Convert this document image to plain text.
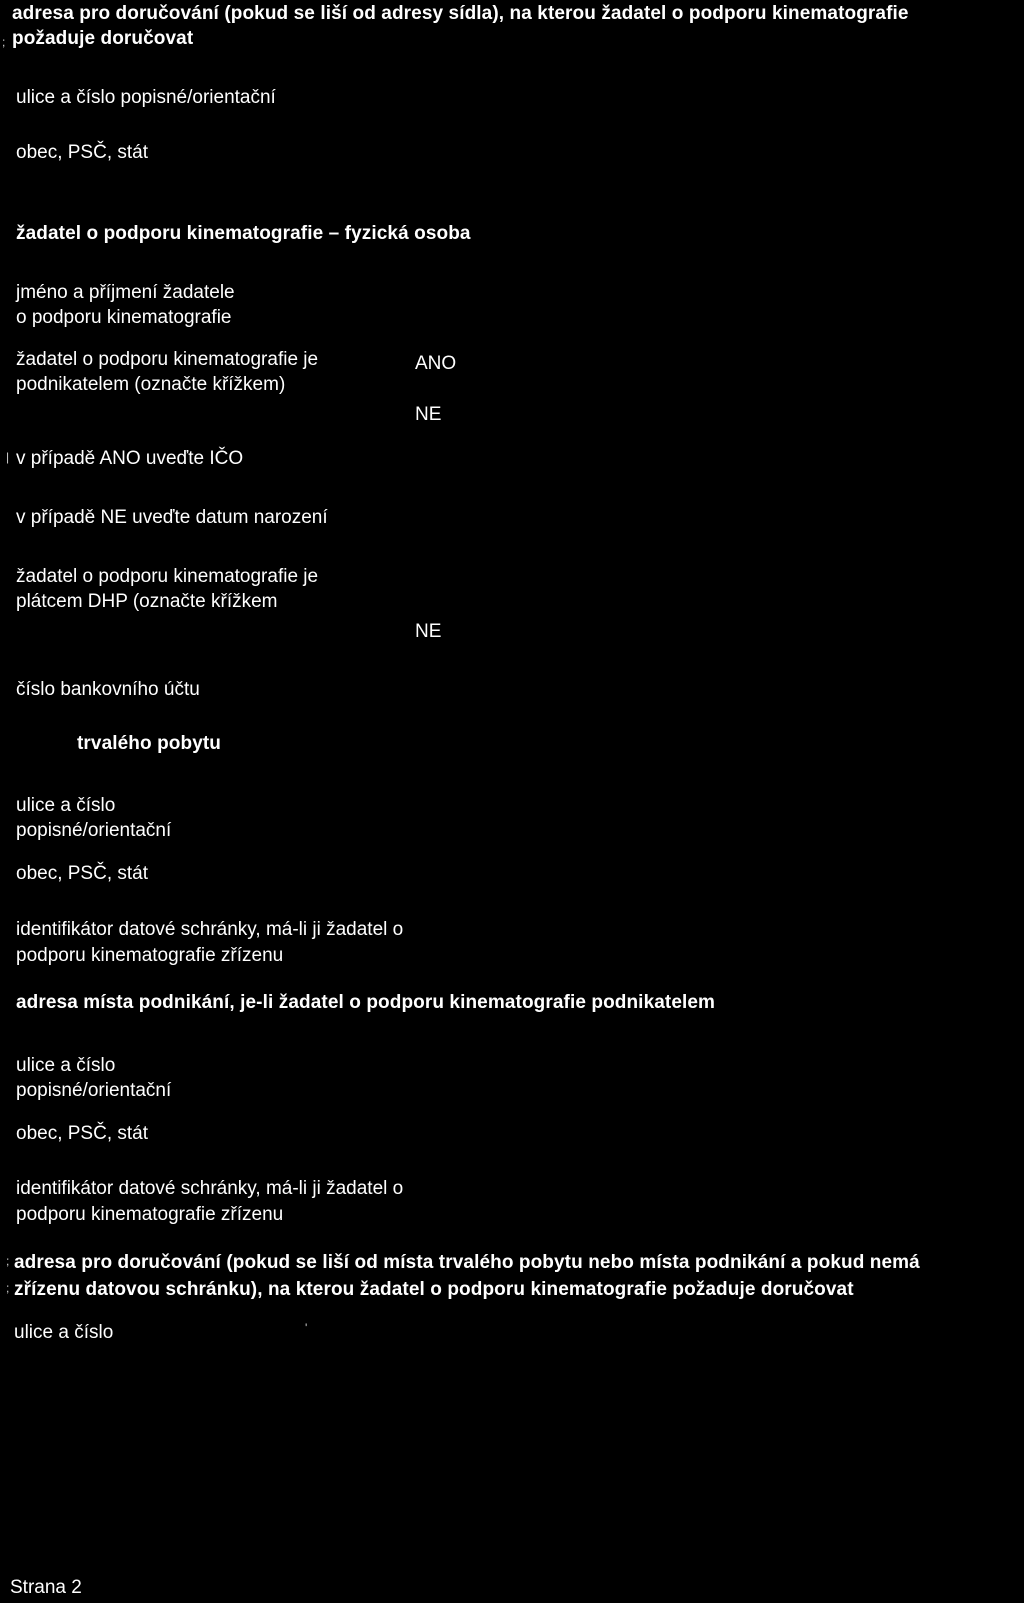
adresa pro doručování (pokud se liší od adresy sídla), na kterou žadatel o podporu kinematografie
požaduje doručovat
;
ulice a číslo popisné/orientační
obec, PSČ, stát
žadatel o podporu kinematografie – fyzická osoba
jméno a příjmení žadatele
o podporu kinematografie
žadatel o podporu kinematografie je
podnikatelem (označte křížkem)
ANO
NE
| v případě ANO uveďte IČO
v případě NE uveďte datum narození
žadatel o podporu kinematografie je
plátcem DHP (označte křížkem
NE
číslo bankovního účtu
trvalého pobytu
ulice a číslo
popisné/orientační
obec, PSČ, stát
identifikátor datové schránky, má-li ji žadatel o
podporu kinematografie zřízenu
adresa místa podnikání, je-li žadatel o podporu kinematografie podnikatelem
ulice a číslo
popisné/orientační
obec, PSČ, stát
identifikátor datové schránky, má-li ji žadatel o
podporu kinematografie zřízenu
; adresa pro doručování (pokud se liší od místa trvalého pobytu nebo místa podnikání a pokud nemá
; zřízenu datovou schránku), na kterou žadatel o podporu kinematografie požaduje doručovat
ulice a číslo	'
Strana 2
